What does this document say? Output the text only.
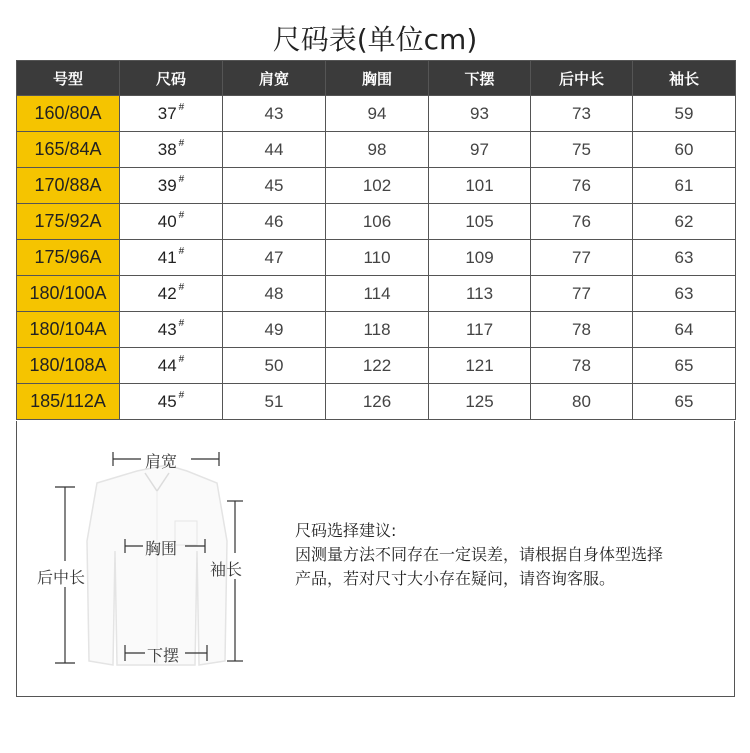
尺码表(单位cm)
号型	尺码	肩宽	胸围	下摆	后中长	袖长
160/80A	37 #	43	94	93	73	59
165/84A	38 #	44	98	97	75	60
170/88A	39 #	45	102	101	76	61
175/92A	40 #	46	106	105	76	62
175/96A	41 #	47	110	109	77	63
180/100A	42 #	48	114	113	77	63
180/104A	43 #	49	118	117	78	64
180/108A	44 #	50	122	121	78	65
185/112A	45 #	51	126	125	80	65
肩宽
后中长
胸围
袖长
下摆
尺码选择建议:
因测量方法不同存在一定误差，请根据自身体型选择
产品，若对尺寸大小存在疑问，请咨询客服。
